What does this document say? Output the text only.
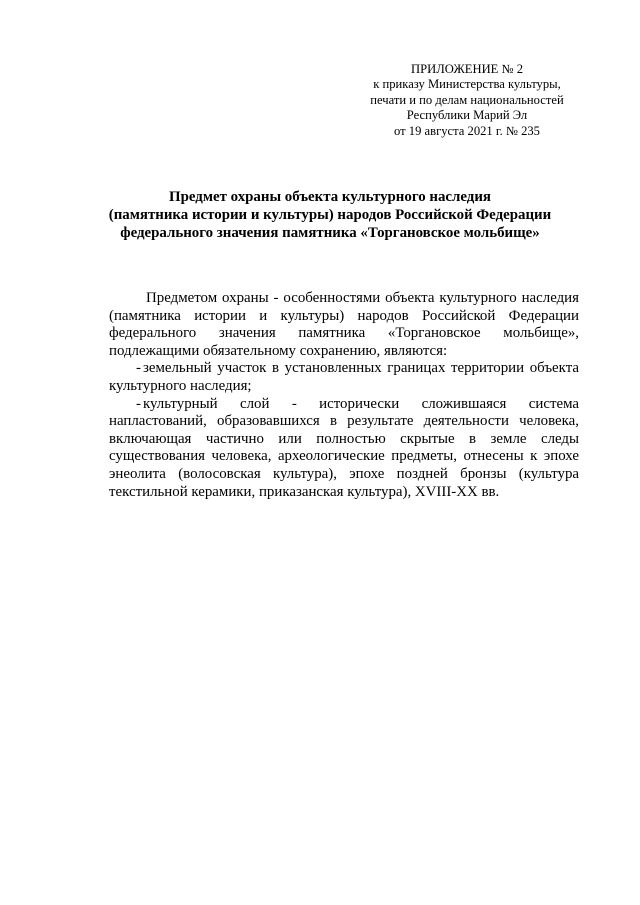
ПРИЛОЖЕНИЕ № 2
к приказу Министерства культуры,
печати и по делам национальностей
Республики Марий Эл
от 19 августа 2021 г. № 235
Предмет охраны объекта культурного наследия
(памятника истории и культуры) народов Российской Федерации
федерального значения памятника «Торгановское мольбище»

Предметом охраны - особенностями объекта культурного наследия (памятника истории и культуры) народов Российской Федерации федерального значения памятника «Торгановское мольбище», подлежащими обязательному сохранению, являются:

- земельный участок в установленных границах территории объекта культурного наследия;

- культурный слой - исторически сложившаяся система напластований, образовавшихся в результате деятельности человека, включающая частично или полностью скрытые в земле следы существования человека, археологические предметы, отнесены к эпохе энеолита (волосовская культура), эпохе поздней бронзы (культура текстильной керамики, приказанская культура), XVIII-XX вв.
